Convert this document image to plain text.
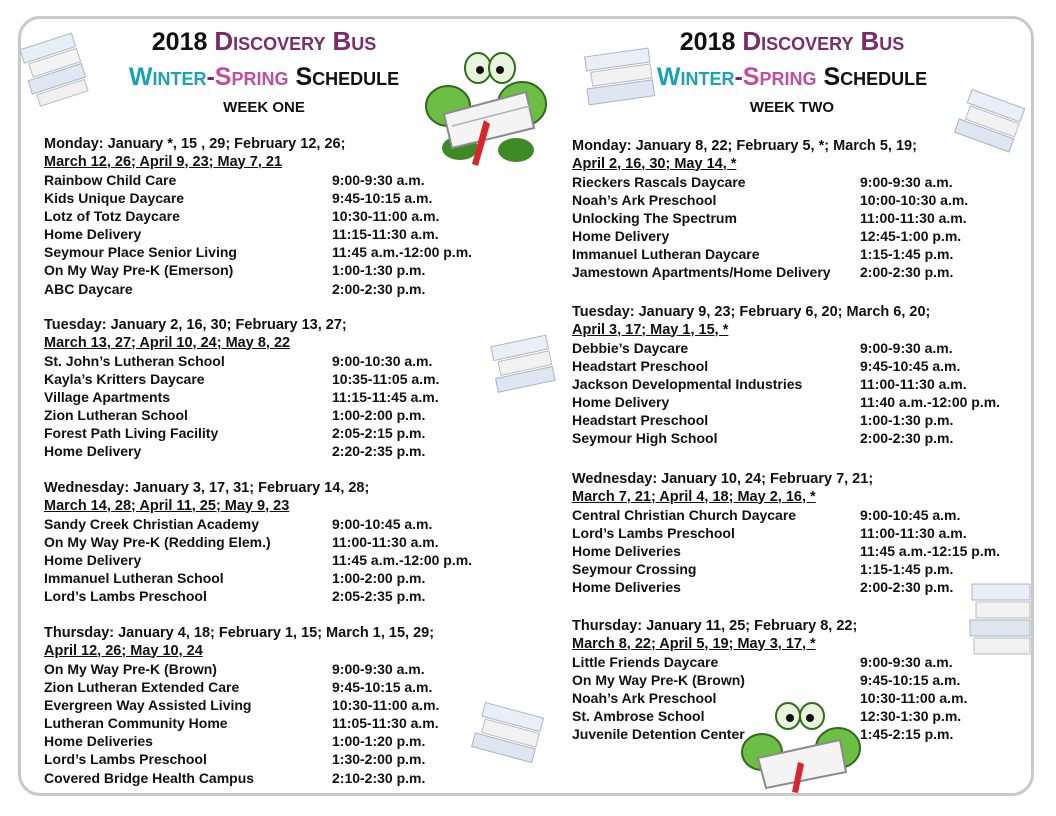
2018 Discovery Bus
Winter-Spring Schedule
WEEK ONE
Monday: January *, 15 , 29; February 12, 26;
March 12, 26; April 9, 23; May 7, 21
Rainbow Child Care	9:00-9:30 a.m.
Kids Unique Daycare	9:45-10:15 a.m.
Lotz of Totz Daycare	10:30-11:00 a.m.
Home Delivery	11:15-11:30 a.m.
Seymour Place Senior Living	11:45 a.m.-12:00 p.m.
On My Way Pre-K (Emerson)	1:00-1:30 p.m.
ABC Daycare	2:00-2:30 p.m.
Tuesday: January 2, 16, 30; February 13, 27;
March 13, 27; April 10, 24; May 8, 22
St. John’s Lutheran School	9:00-10:30 a.m.
Kayla’s Kritters Daycare	10:35-11:05 a.m.
Village Apartments	11:15-11:45 a.m.
Zion Lutheran School	1:00-2:00 p.m.
Forest Path Living Facility	2:05-2:15 p.m.
Home Delivery	2:20-2:35 p.m.
Wednesday: January 3, 17, 31; February 14, 28;
March 14, 28; April 11, 25; May 9, 23
Sandy Creek Christian Academy	9:00-10:45 a.m.
On My Way Pre-K (Redding Elem.)	11:00-11:30 a.m.
Home Delivery	11:45 a.m.-12:00 p.m.
Immanuel Lutheran School	1:00-2:00 p.m.
Lord’s Lambs Preschool	2:05-2:35 p.m.
Thursday: January 4, 18; February 1, 15; March 1, 15, 29;
April 12, 26; May 10, 24
On My Way Pre-K (Brown)	9:00-9:30 a.m.
Zion Lutheran Extended Care	9:45-10:15 a.m.
Evergreen Way Assisted Living	10:30-11:00 a.m.
Lutheran Community Home	11:05-11:30 a.m.
Home Deliveries	1:00-1:20 p.m.
Lord’s Lambs Preschool	1:30-2:00 p.m.
Covered Bridge Health Campus	2:10-2:30 p.m.
2018 Discovery Bus
Winter-Spring Schedule
WEEK TWO
Monday: January 8, 22; February 5, *; March 5, 19;
April 2, 16, 30; May 14, *
Rieckers Rascals Daycare	9:00-9:30 a.m.
Noah’s Ark Preschool	10:00-10:30 a.m.
Unlocking The Spectrum	11:00-11:30 a.m.
Home Delivery	12:45-1:00 p.m.
Immanuel Lutheran Daycare	1:15-1:45 p.m.
Jamestown Apartments/Home Delivery	2:00-2:30 p.m.
Tuesday: January 9, 23; February 6, 20; March 6, 20;
April 3, 17; May 1, 15, *
Debbie’s Daycare	9:00-9:30 a.m.
Headstart Preschool	9:45-10:45 a.m.
Jackson Developmental Industries	11:00-11:30 a.m.
Home Delivery	11:40 a.m.-12:00 p.m.
Headstart Preschool	1:00-1:30 p.m.
Seymour High School	2:00-2:30 p.m.
Wednesday: January 10, 24; February 7, 21;
March 7, 21; April 4, 18; May 2, 16, *
Central Christian Church Daycare	9:00-10:45 a.m.
Lord’s Lambs Preschool	11:00-11:30 a.m.
Home Deliveries	11:45 a.m.-12:15 p.m.
Seymour Crossing	1:15-1:45 p.m.
Home Deliveries	2:00-2:30 p.m.
Thursday: January 11, 25; February 8, 22;
March 8, 22; April 5, 19; May 3, 17, *
Little Friends Daycare	9:00-9:30 a.m.
On My Way Pre-K (Brown)	9:45-10:15 a.m.
Noah’s Ark Preschool	10:30-11:00 a.m.
St. Ambrose School	12:30-1:30 p.m.
Juvenile Detention Center	1:45-2:15 p.m.
